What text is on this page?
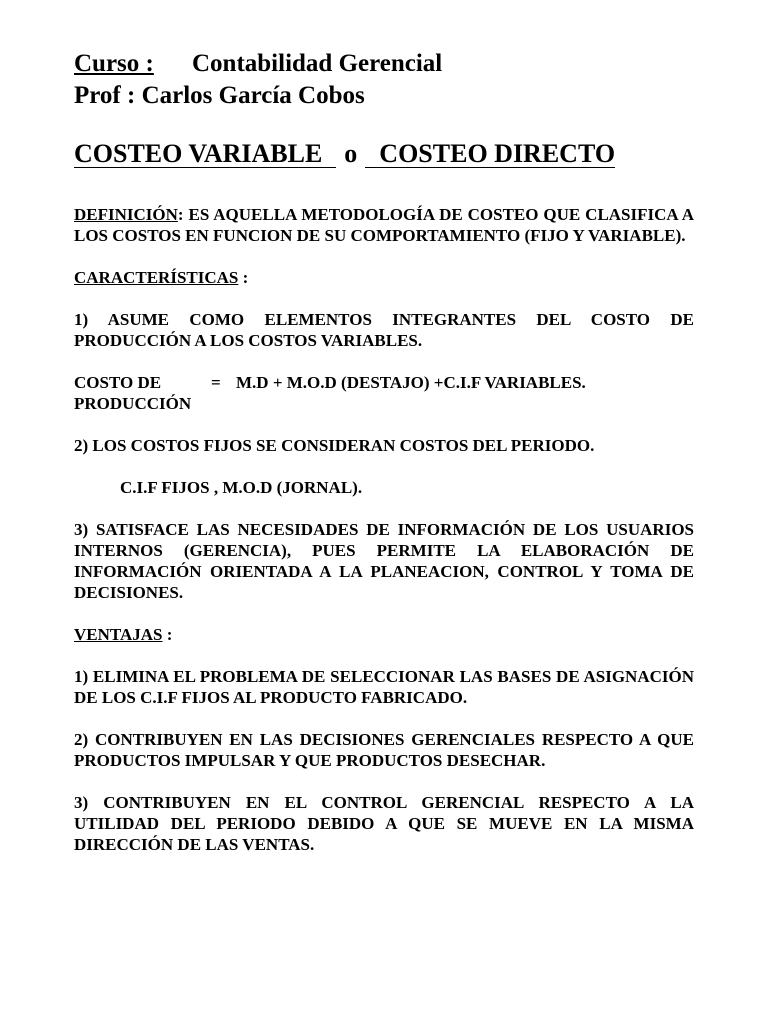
Curso : Contabilidad Gerencial
Prof : Carlos García Cobos
COSTEO VARIABLE o COSTEO DIRECTO

DEFINICIÓN: ES AQUELLA METODOLOGÍA DE COSTEO QUE CLASIFICA A LOS COSTOS EN FUNCION DE SU COMPORTAMIENTO (FIJO Y VARIABLE).

CARACTERÍSTICAS :

1) ASUME COMO ELEMENTOS INTEGRANTES DEL COSTO DE PRODUCCIÓN A LOS COSTOS VARIABLES.

COSTO DE	= M.D + M.O.D (DESTAJO) +C.I.F VARIABLES.
PRODUCCIÓN

2) LOS COSTOS FIJOS SE CONSIDERAN COSTOS DEL PERIODO.

C.I.F FIJOS , M.O.D (JORNAL).

3) SATISFACE LAS NECESIDADES DE INFORMACIÓN DE LOS USUARIOS INTERNOS (GERENCIA), PUES PERMITE LA ELABORACIÓN DE INFORMACIÓN ORIENTADA A LA PLANEACION, CONTROL Y TOMA DE DECISIONES.

VENTAJAS :

1) ELIMINA EL PROBLEMA DE SELECCIONAR LAS BASES DE ASIGNACIÓN DE LOS C.I.F FIJOS AL PRODUCTO FABRICADO.

2) CONTRIBUYEN EN LAS DECISIONES GERENCIALES RESPECTO A QUE PRODUCTOS IMPULSAR Y QUE PRODUCTOS DESECHAR.

3) CONTRIBUYEN EN EL CONTROL GERENCIAL RESPECTO A LA UTILIDAD DEL PERIODO DEBIDO A QUE SE MUEVE EN LA MISMA DIRECCIÓN DE LAS VENTAS.
